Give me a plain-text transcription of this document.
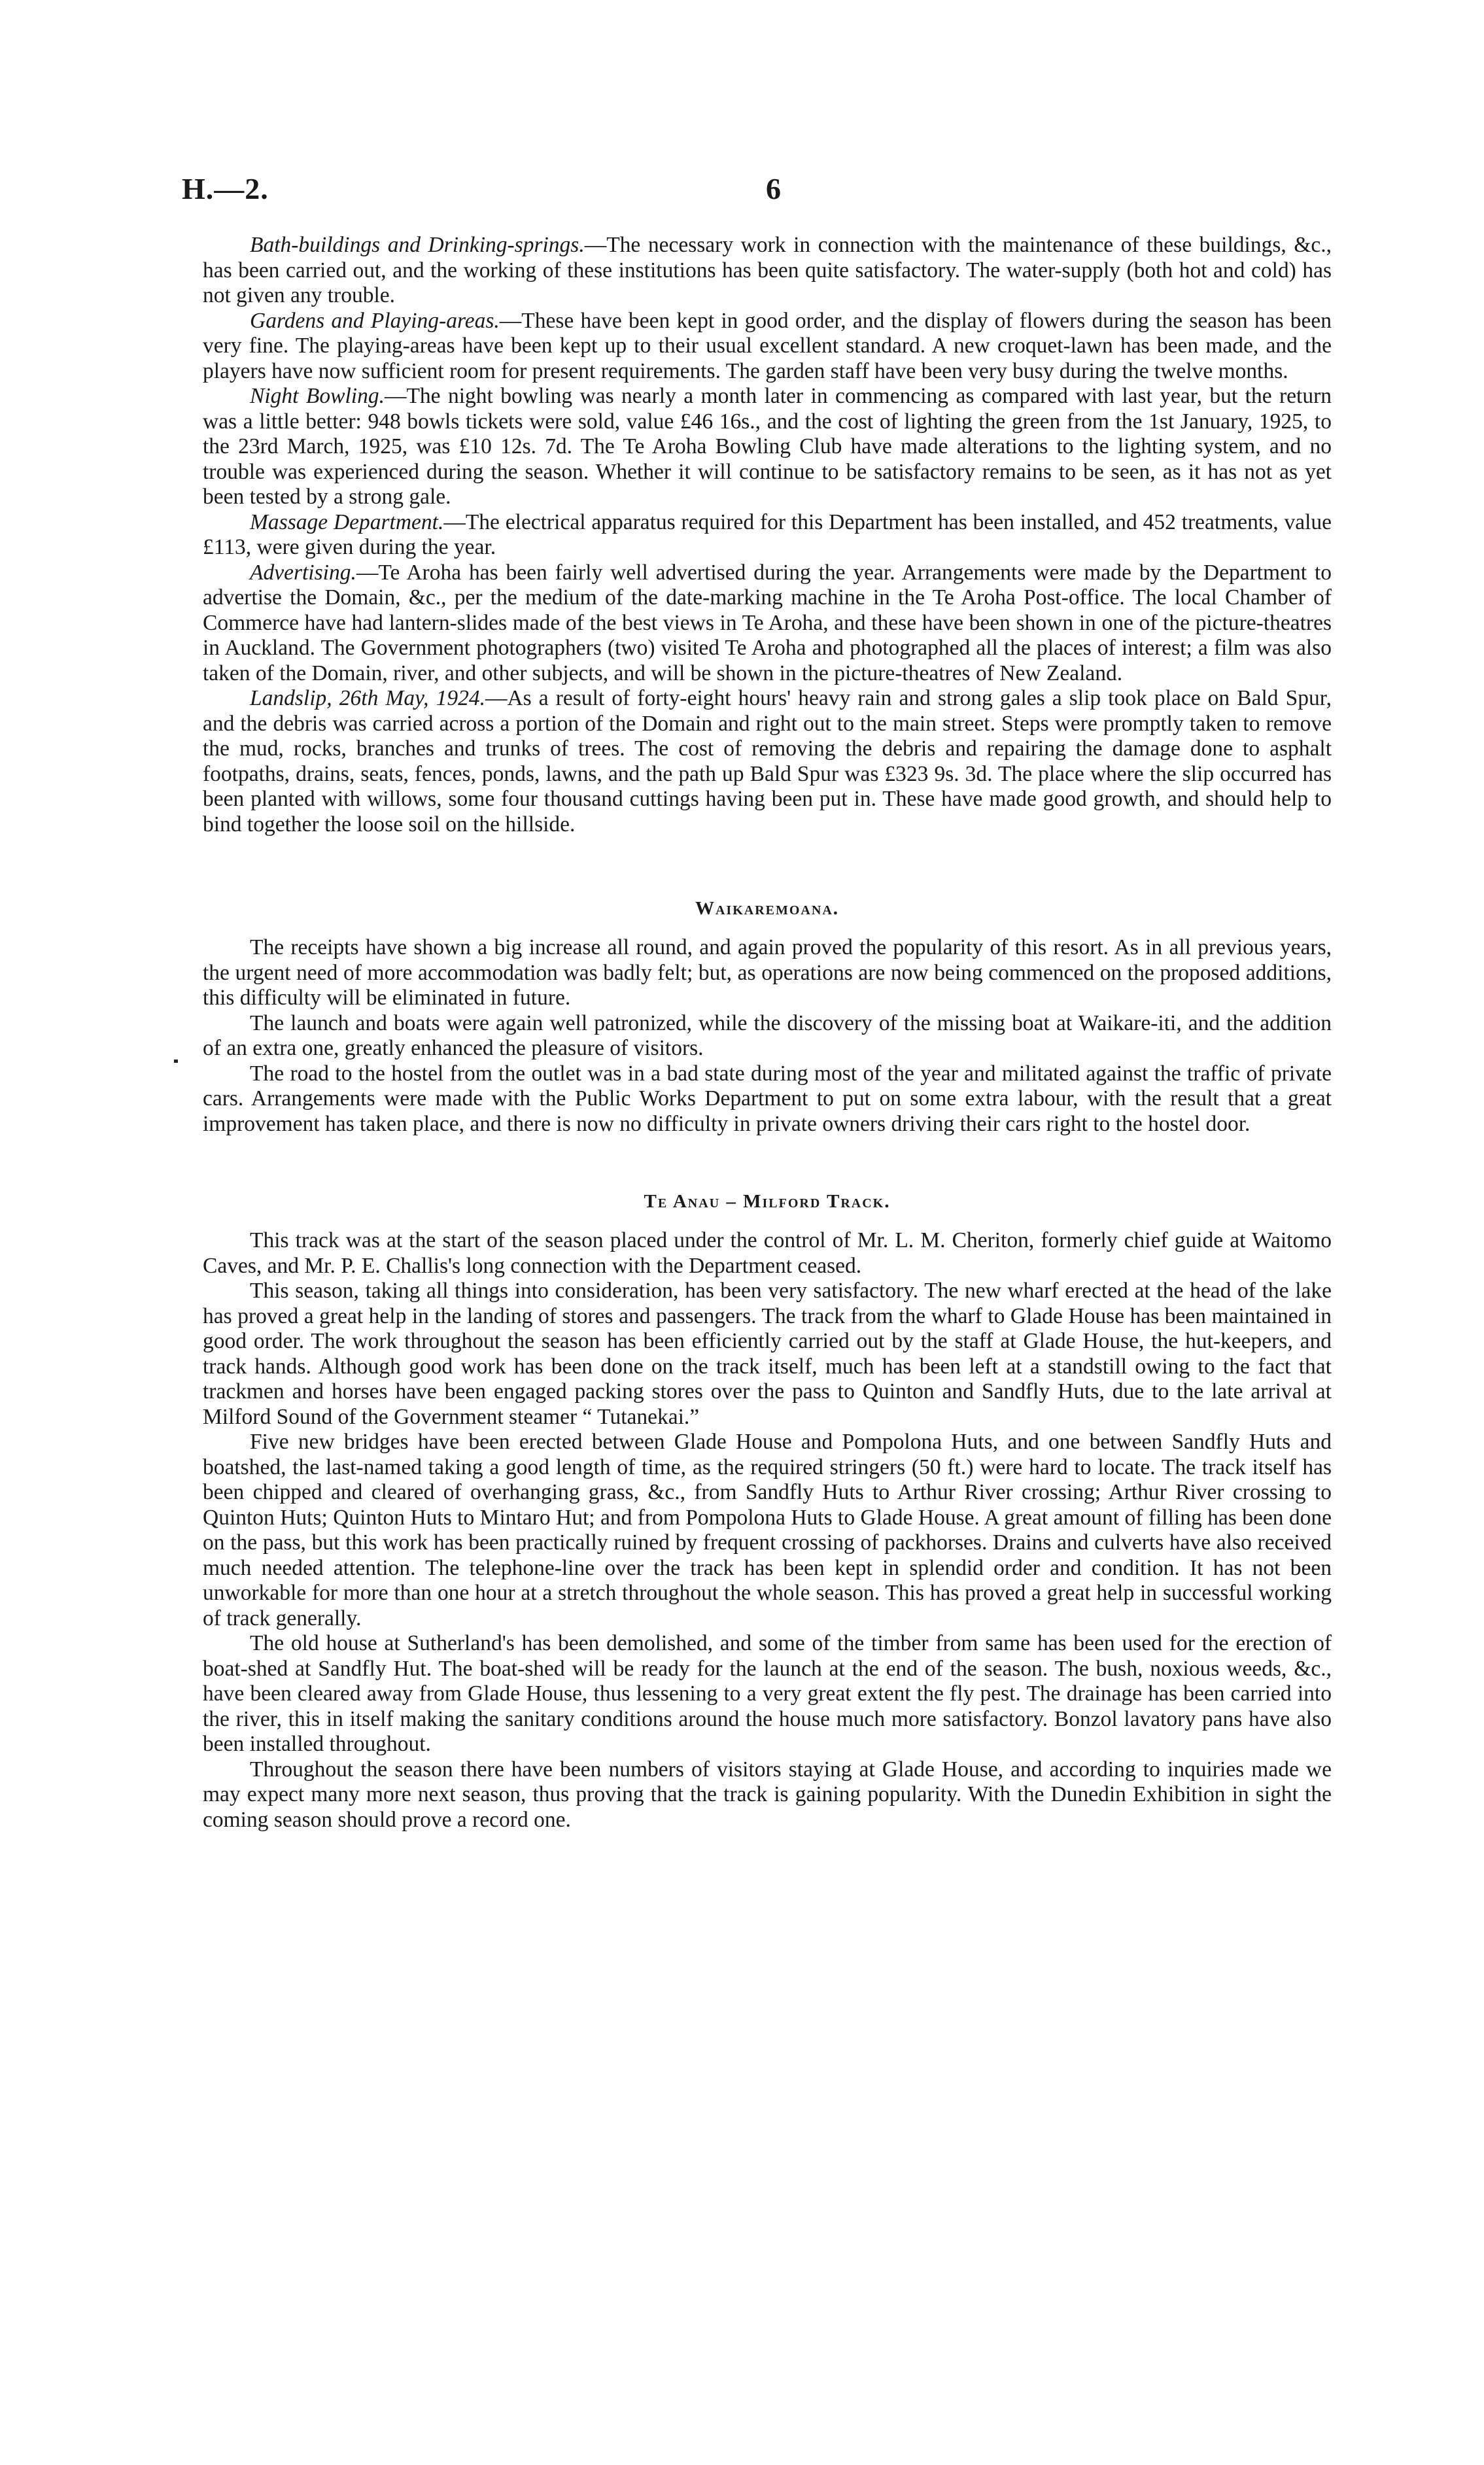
H.—2.	6

Bath-buildings and Drinking-springs.—The necessary work in connection with the maintenance of these buildings, &c., has been carried out, and the working of these institutions has been quite satisfactory. The water-supply (both hot and cold) has not given any trouble.

Gardens and Playing-areas.—These have been kept in good order, and the display of flowers during the season has been very fine. The playing-areas have been kept up to their usual excellent standard. A new croquet-lawn has been made, and the players have now sufficient room for present requirements. The garden staff have been very busy during the twelve months.

Night Bowling.—The night bowling was nearly a month later in commencing as compared with last year, but the return was a little better: 948 bowls tickets were sold, value £46 16s., and the cost of lighting the green from the 1st January, 1925, to the 23rd March, 1925, was £10 12s. 7d. The Te Aroha Bowling Club have made alterations to the lighting system, and no trouble was experienced during the season. Whether it will continue to be satisfactory remains to be seen, as it has not as yet been tested by a strong gale.

Massage Department.—The electrical apparatus required for this Department has been installed, and 452 treatments, value £113, were given during the year.

Advertising.—Te Aroha has been fairly well advertised during the year. Arrangements were made by the Department to advertise the Domain, &c., per the medium of the date-marking machine in the Te Aroha Post-office. The local Chamber of Commerce have had lantern-slides made of the best views in Te Aroha, and these have been shown in one of the picture-theatres in Auckland. The Government photographers (two) visited Te Aroha and photographed all the places of interest; a film was also taken of the Domain, river, and other subjects, and will be shown in the picture-theatres of New Zealand.

Landslip, 26th May, 1924.—As a result of forty-eight hours' heavy rain and strong gales a slip took place on Bald Spur, and the debris was carried across a portion of the Domain and right out to the main street. Steps were promptly taken to remove the mud, rocks, branches and trunks of trees. The cost of removing the debris and repairing the damage done to asphalt footpaths, drains, seats, fences, ponds, lawns, and the path up Bald Spur was £323 9s. 3d. The place where the slip occurred has been planted with willows, some four thousand cuttings having been put in. These have made good growth, and should help to bind together the loose soil on the hillside.

Waikaremoana.

The receipts have shown a big increase all round, and again proved the popularity of this resort. As in all previous years, the urgent need of more accommodation was badly felt; but, as operations are now being commenced on the proposed additions, this difficulty will be eliminated in future.

The launch and boats were again well patronized, while the discovery of the missing boat at Waikare-iti, and the addition of an extra one, greatly enhanced the pleasure of visitors.

The road to the hostel from the outlet was in a bad state during most of the year and militated against the traffic of private cars. Arrangements were made with the Public Works Department to put on some extra labour, with the result that a great improvement has taken place, and there is now no difficulty in private owners driving their cars right to the hostel door.

Te Anau – Milford Track.

This track was at the start of the season placed under the control of Mr. L. M. Cheriton, formerly chief guide at Waitomo Caves, and Mr. P. E. Challis's long connection with the Department ceased.

This season, taking all things into consideration, has been very satisfactory. The new wharf erected at the head of the lake has proved a great help in the landing of stores and passengers. The track from the wharf to Glade House has been maintained in good order. The work throughout the season has been efficiently carried out by the staff at Glade House, the hut-keepers, and track hands. Although good work has been done on the track itself, much has been left at a standstill owing to the fact that trackmen and horses have been engaged packing stores over the pass to Quinton and Sandfly Huts, due to the late arrival at Milford Sound of the Government steamer “ Tutanekai.”

Five new bridges have been erected between Glade House and Pompolona Huts, and one between Sandfly Huts and boatshed, the last-named taking a good length of time, as the required stringers (50 ft.) were hard to locate. The track itself has been chipped and cleared of overhanging grass, &c., from Sandfly Huts to Arthur River crossing; Arthur River crossing to Quinton Huts; Quinton Huts to Mintaro Hut; and from Pompolona Huts to Glade House. A great amount of filling has been done on the pass, but this work has been practically ruined by frequent crossing of packhorses. Drains and culverts have also received much needed attention. The telephone-line over the track has been kept in splendid order and condition. It has not been unworkable for more than one hour at a stretch throughout the whole season. This has proved a great help in successful working of track generally.

The old house at Sutherland's has been demolished, and some of the timber from same has been used for the erection of boat-shed at Sandfly Hut. The boat-shed will be ready for the launch at the end of the season. The bush, noxious weeds, &c., have been cleared away from Glade House, thus lessening to a very great extent the fly pest. The drainage has been carried into the river, this in itself making the sanitary conditions around the house much more satisfactory. Bonzol lavatory pans have also been installed throughout.

Throughout the season there have been numbers of visitors staying at Glade House, and according to inquiries made we may expect many more next season, thus proving that the track is gaining popularity. With the Dunedin Exhibition in sight the coming season should prove a record one.
